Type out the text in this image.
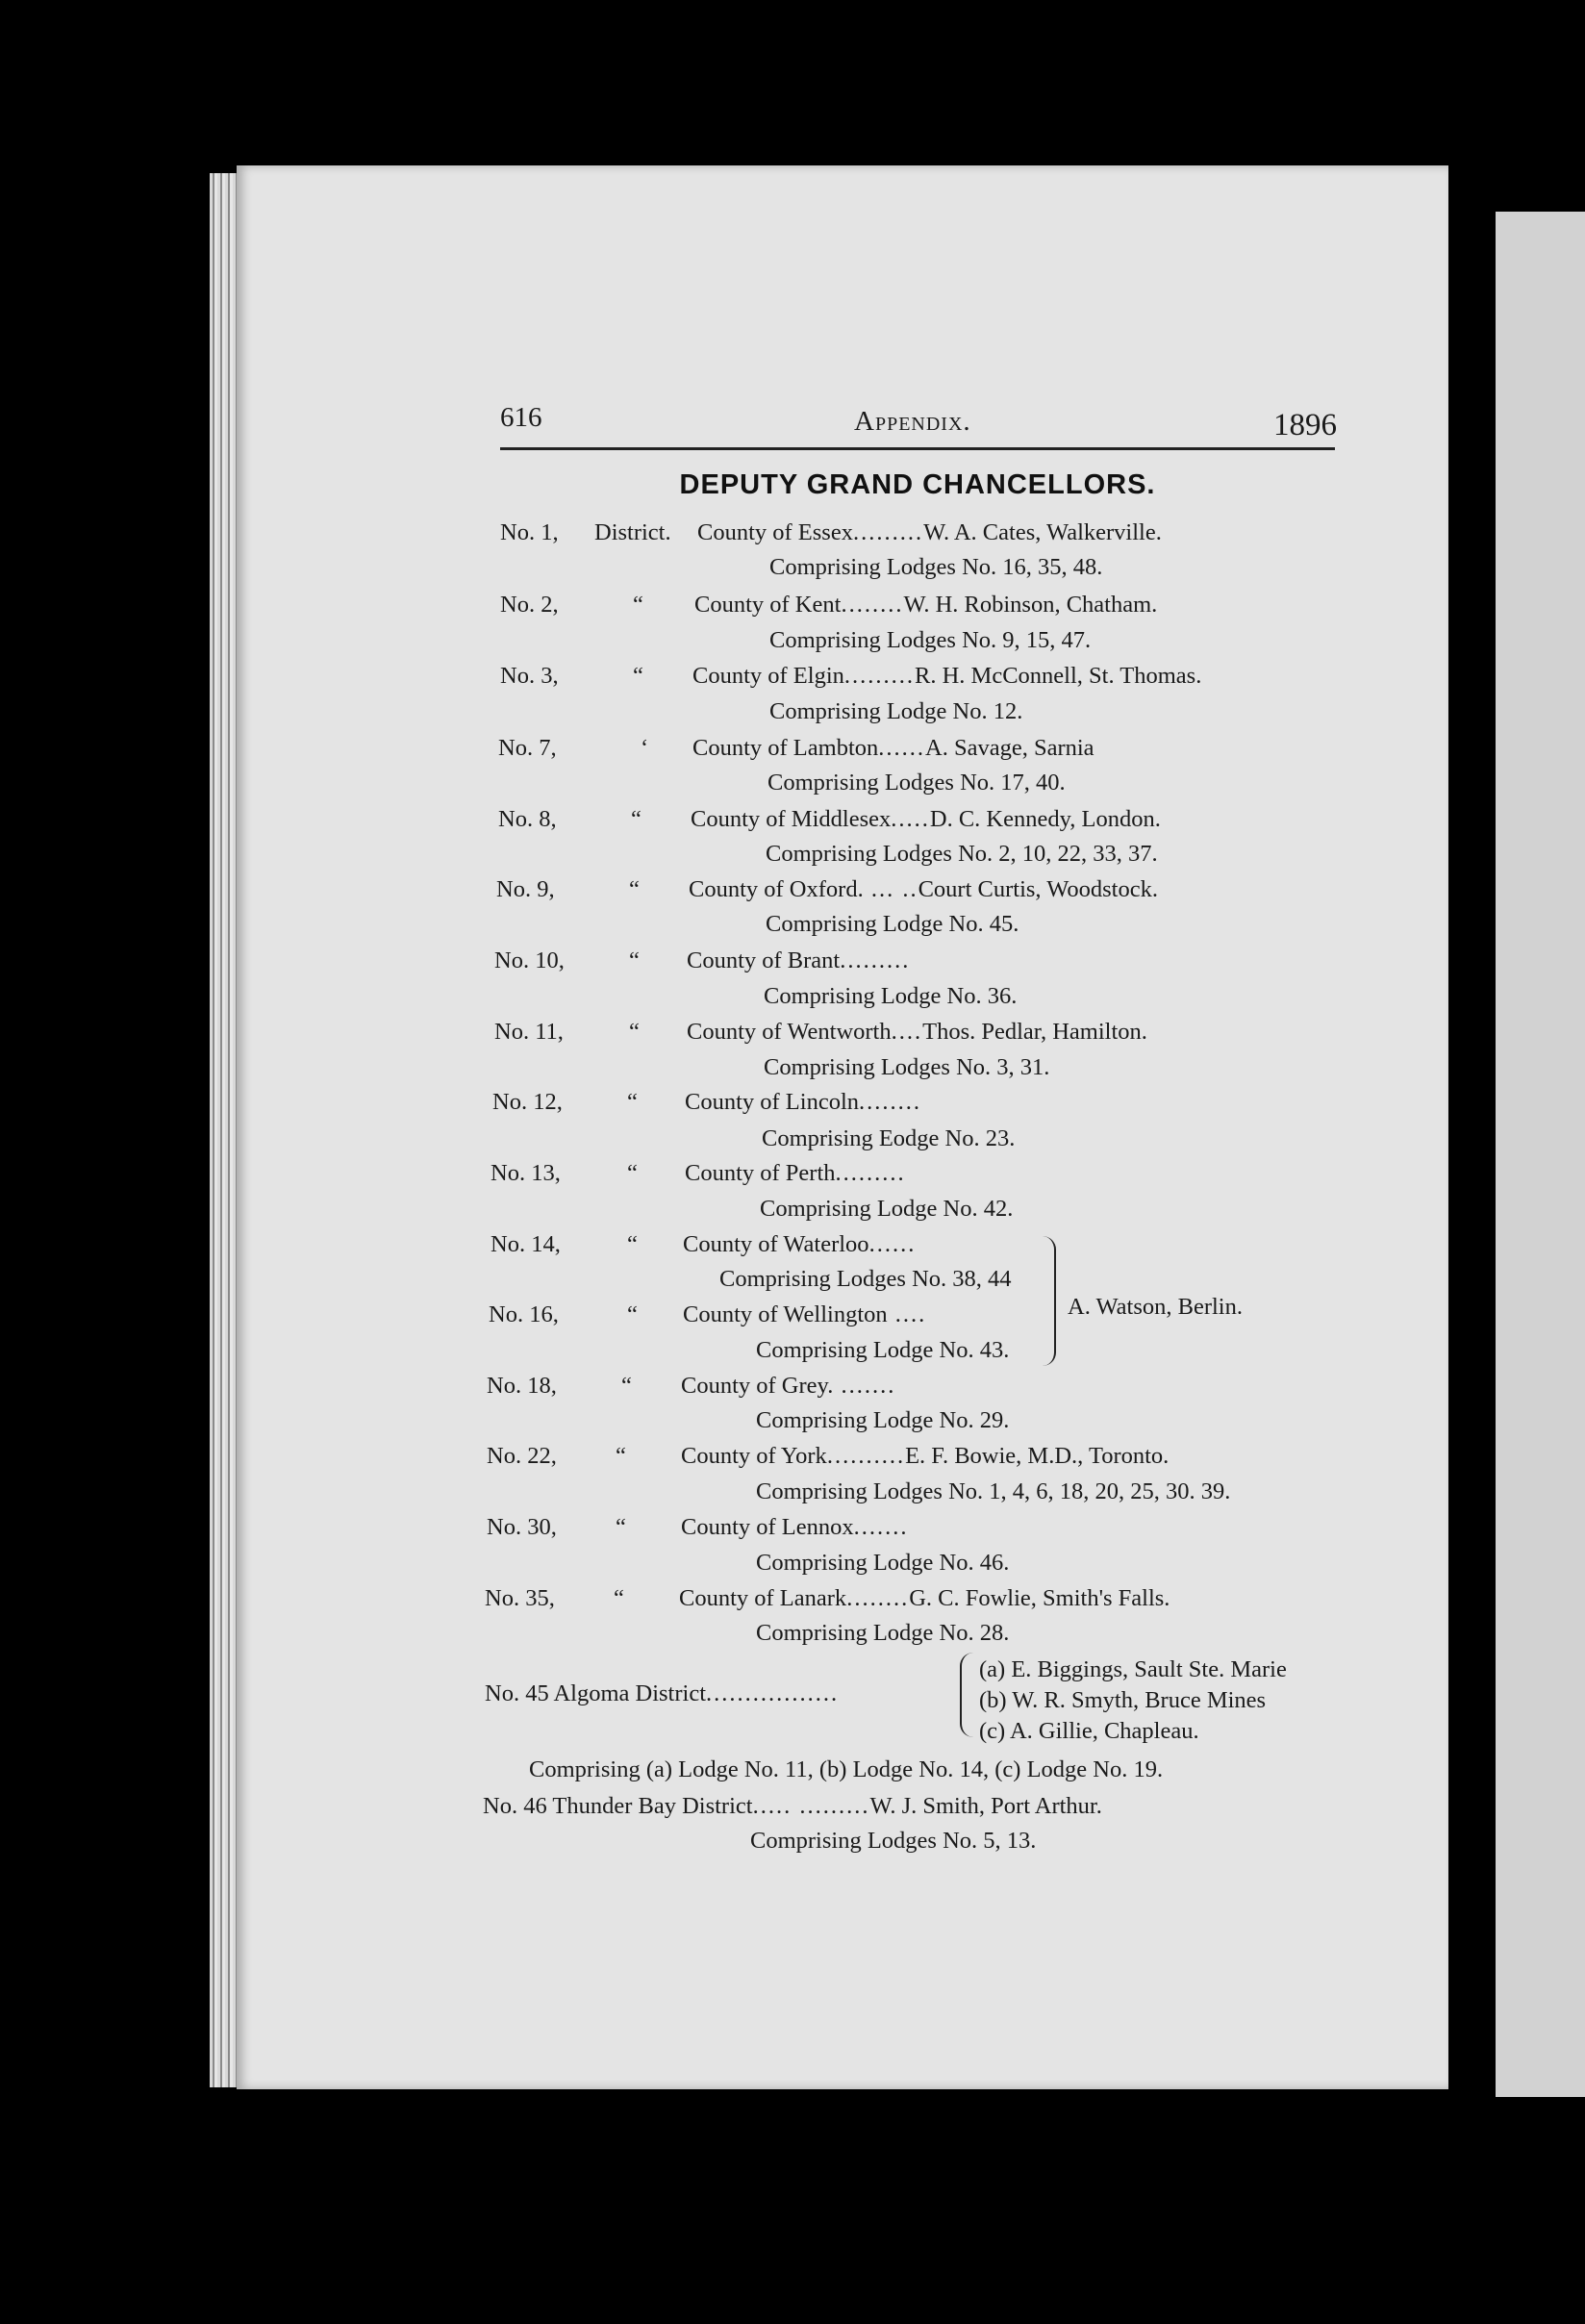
616	Appendix.	1896
DEPUTY GRAND CHANCELLORS.
No. 1, District. County of Essex.........W. A. Cates, Walkerville.
Comprising Lodges No. 16, 35, 48.
No. 2,	“ County of Kent........W. H. Robinson, Chatham.
Comprising Lodges No. 9, 15, 47.
No. 3,	“ County of Elgin.........R. H. McConnell, St. Thomas.
Comprising Lodge No. 12.
No. 7,	‘ County of Lambton......A. Savage, Sarnia
Comprising Lodges No. 17, 40.
No. 8,	“ County of Middlesex.....D. C. Kennedy, London.
Comprising Lodges No. 2, 10, 22, 33, 37.
No. 9,	“ County of Oxford. ... ..Court Curtis, Woodstock.
Comprising Lodge No. 45.
No. 10,	“ County of Brant.........
Comprising Lodge No. 36.
No. 11,	“ County of Wentworth....Thos. Pedlar, Hamilton.
Comprising Lodges No. 3, 31.
No. 12,	“ County of Lincoln........
Comprising Eodge No. 23.
No. 13,	“ County of Perth.........
Comprising Lodge No. 42.
No. 14,	“ County of Waterloo......
Comprising Lodges No. 38, 44
No. 16,	“ County of Wellington ....
Comprising Lodge No. 43.
A. Watson, Berlin.
No. 18,	“ County of Grey. .......
Comprising Lodge No. 29.
No. 22, “ County of York..........E. F. Bowie, M.D., Toronto.
Comprising Lodges No. 1, 4, 6, 18, 20, 25, 30. 39.
No. 30, “ County of Lennox.......
Comprising Lodge No. 46.
No. 35, “ County of Lanark........G. C. Fowlie, Smith's Falls.
Comprising Lodge No. 28.
No. 45 Algoma District.................
(a) E. Biggings, Sault Ste. Marie
(b) W. R. Smyth, Bruce Mines
(c) A. Gillie, Chapleau.
Comprising (a) Lodge No. 11, (b) Lodge No. 14, (c) Lodge No. 19.
No. 46 Thunder Bay District..... .........W. J. Smith, Port Arthur.
Comprising Lodges No. 5, 13.
